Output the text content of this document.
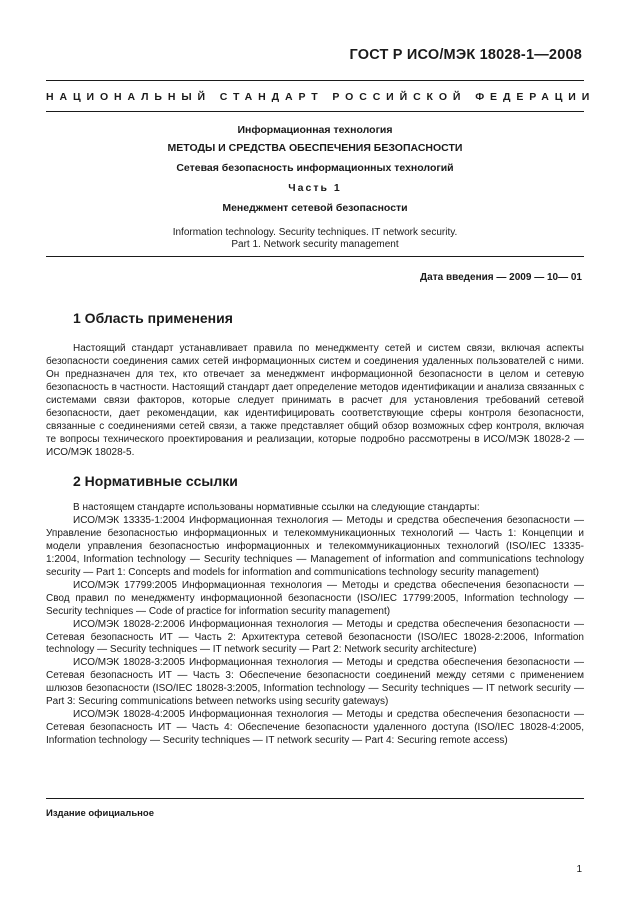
ГОСТ Р ИСО/МЭК 18028-1—2008
НАЦИОНАЛЬНЫЙ СТАНДАРТ РОССИЙСКОЙ ФЕДЕРАЦИИ
Информационная технология
МЕТОДЫ И СРЕДСТВА ОБЕСПЕЧЕНИЯ БЕЗОПАСНОСТИ
Сетевая безопасность информационных технологий
Часть 1
Менеджмент сетевой безопасности
Information technology. Security techniques. IT network security.
Part 1. Network security management
Дата введения — 2009 — 10— 01
1 Область применения

Настоящий стандарт устанавливает правила по менеджменту сетей и систем связи, включая аспекты безопасности соединения самих сетей информационных систем и соединения удаленных пользователей с ними. Он предназначен для тех, кто отвечает за менеджмент информационной безопасности в целом и сетевую безопасность в частности. Настоящий стандарт дает определение методов идентификации и анализа связанных с системами связи факторов, которые следует принимать в расчет для установления требований сетевой безопасности, дает рекомендации, как идентифицировать соответствующие сферы контроля безопасности, связанные с соединениями сетей связи, а также представляет общий обзор возможных сфер контроля, включая те вопросы технического проектирования и реализации, которые подробно рассмотрены в ИСО/МЭК 18028-2 — ИСО/МЭК 18028-5.

2 Нормативные ссылки

В настоящем стандарте использованы нормативные ссылки на следующие стандарты:

ИСО/МЭК 13335-1:2004 Информационная технология — Методы и средства обеспечения безопасности — Управление безопасностью информационных и телекоммуникационных технологий — Часть 1: Концепции и модели управления безопасностью информационных и телекоммуникационных технологий (ISO/IEC 13335-1:2004, Information technology — Security techniques — Management of information and communications technology security — Part 1: Concepts and models for information and communications technology security management)

ИСО/МЭК 17799:2005 Информационная технология — Методы и средства обеспечения безопасности — Свод правил по менеджменту информационной безопасности (ISO/IEC 17799:2005, Information technology — Security techniques — Code of practice for information security management)

ИСО/МЭК 18028-2:2006 Информационная технология — Методы и средства обеспечения безопасности — Сетевая безопасность ИТ — Часть 2: Архитектура сетевой безопасности (ISO/IEC 18028-2:2006, Information technology — Security techniques — IT network security — Part 2: Network security architecture)

ИСО/МЭК 18028-3:2005 Информационная технология — Методы и средства обеспечения безопасности — Сетевая безопасность ИТ — Часть 3: Обеспечение безопасности соединений между сетями с применением шлюзов безопасности (ISO/IEC 18028-3:2005, Information technology — Security techniques — IT network security — Part 3: Securing communications between networks using security gateways)

ИСО/МЭК 18028-4:2005 Информационная технология — Методы и средства обеспечения безопасности — Сетевая безопасность ИТ — Часть 4: Обеспечение безопасности удаленного доступа (ISO/IEC 18028-4:2005, Information technology — Security techniques — IT network security — Part 4: Securing remote access)

Издание официальное
1
